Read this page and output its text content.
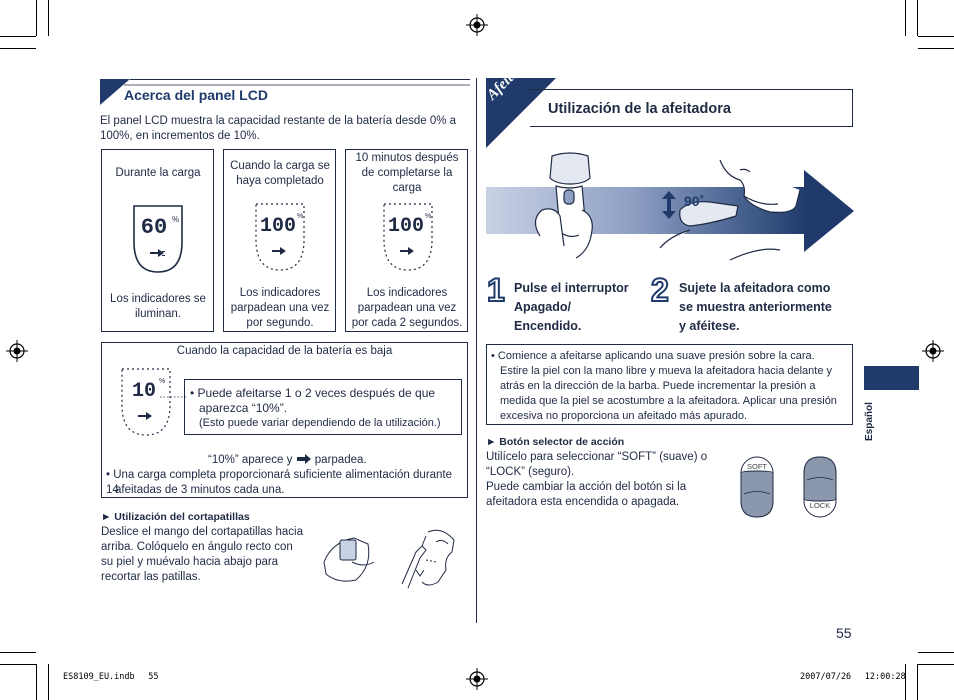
Acerca del panel LCD
El panel LCD muestra la capacidad restante de la batería desde 0% a 100%, en incrementos de 10%.
Durante la carga
60 %
Los indicadores se iluminan.
Cuando la carga se haya completado
100 %
Los indicadores parpadean una vez por segundo.
10 minutos después de completarse la carga
100 %
Los indicadores parpadean una vez por cada 2 segundos.
Cuando la capacidad de la batería es baja
10 %
• Puede afeitarse 1 o 2 veces después de que
aparezca “10%”.
(Esto puede variar dependiendo de la utilización.)
“10%” aparece y parpadea.
• Una carga completa proporcionará suficiente alimentación durante 14
afeitadas de 3 minutos cada una.
► Utilización del cortapatillas
Deslice el mango del cortapatillas hacia
arriba. Colóquelo en ángulo recto con
su piel y muévalo hacia abajo para
recortar las patillas.
Afeitado
Utilización de la afeitadora
90˚
1 Pulse el interruptor
Apagado/
Encendido.
2 Sujete la afeitadora como
se muestra anteriormente
y aféitese.
• Comience a afeitarse aplicando una suave presión sobre la cara.
Estire la piel con la mano libre y mueva la afeitadora hacia delante y
atrás en la dirección de la barba. Puede incrementar la presión a
medida que la piel se acostumbre a la afeitadora. Aplicar una presión
excesiva no proporciona un afeitado más apurado.
► Botón selector de acción
Utilícelo para seleccionar “SOFT” (suave) o
“LOCK” (seguro).
Puede cambiar la acción del botón si la
afeitadora esta encendida o apagada.
SOFT
LOCK
Español
55
ES8109_EU.indb　 55	2007/07/26　 12:00:28
